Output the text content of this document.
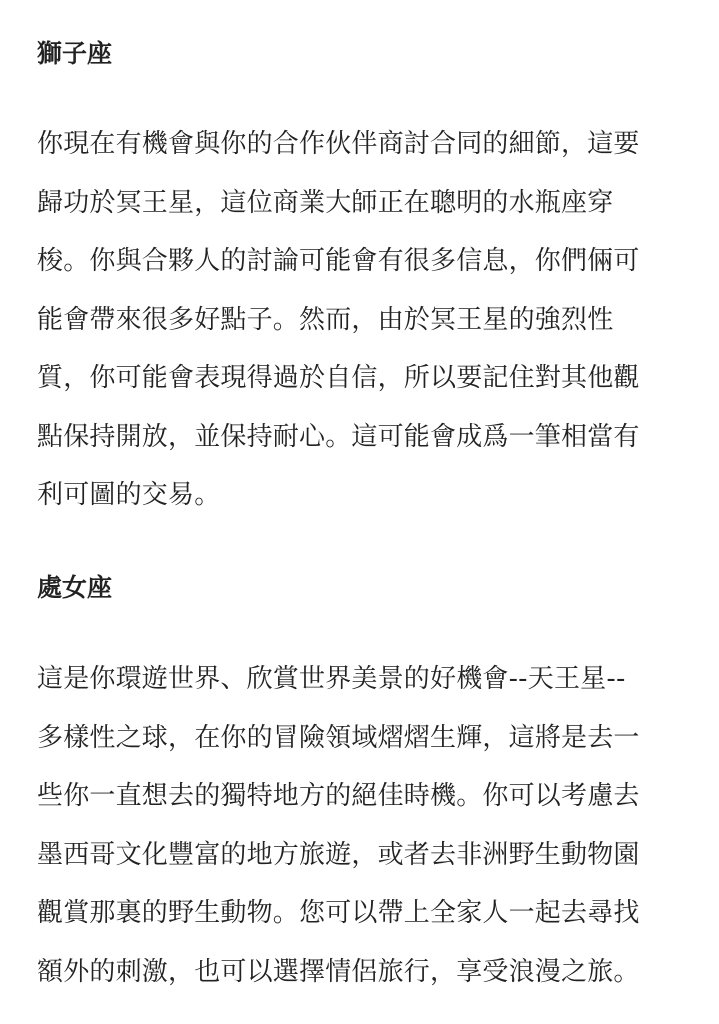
獅子座
你現在有機會與你的合作伙伴商討合同的細節，這要
歸功於冥王星，這位商業大師正在聰明的水瓶座穿
梭。你與合夥人的討論可能會有很多信息，你們倆可
能會帶來很多好點子。然而，由於冥王星的強烈性
質，你可能會表現得過於自信，所以要記住對其他觀
點保持開放，並保持耐心。這可能會成爲一筆相當有
利可圖的交易。
處女座
這是你環遊世界、欣賞世界美景的好機會--天王星--
多樣性之球，在你的冒險領域熠熠生輝，這將是去一
些你一直想去的獨特地方的絕佳時機。你可以考慮去
墨西哥文化豐富的地方旅遊，或者去非洲野生動物園
觀賞那裏的野生動物。您可以帶上全家人一起去尋找
額外的刺激，也可以選擇情侶旅行，享受浪漫之旅。
